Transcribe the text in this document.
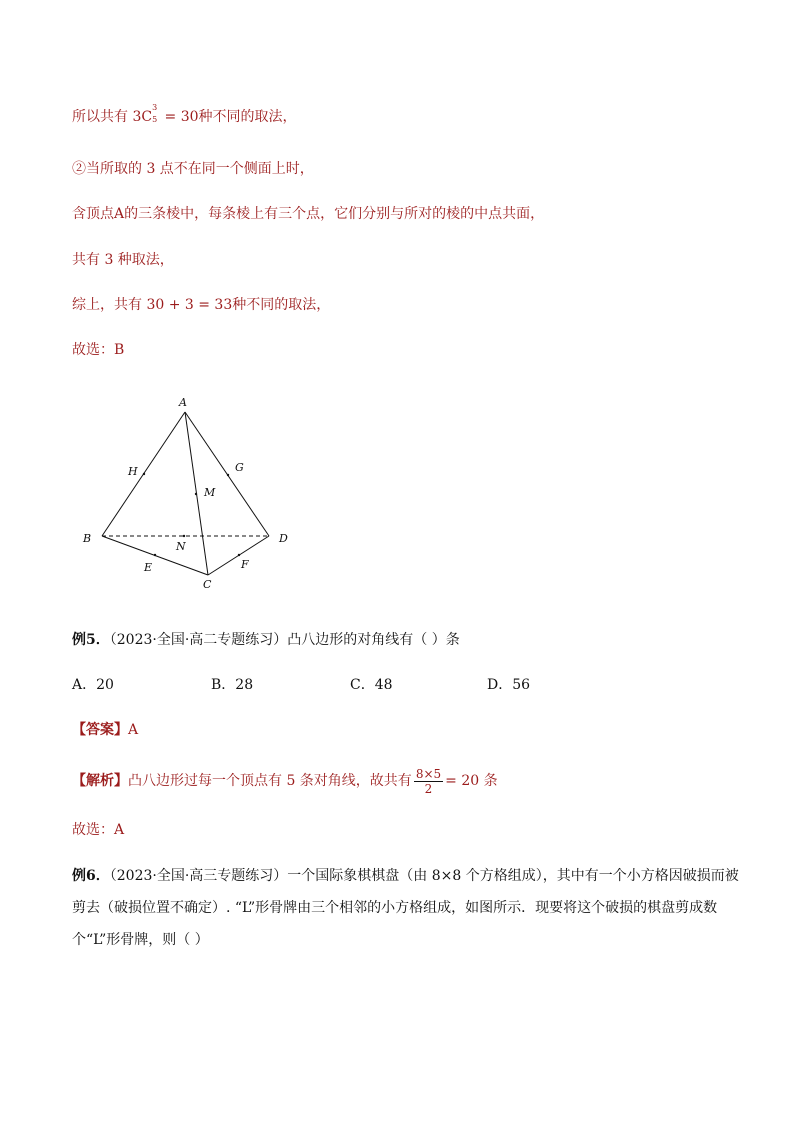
所以共有 3C
3
5 = 30种不同的取法，
②当所取的 3 点不在同一个侧面上时，
含顶点A的三条棱中，每条棱上有三个点，它们分别与所对的棱的中点共面，
共有 3 种取法，
综上，共有 30 + 3 = 33种不同的取法，
故选：B
A
B
C
D
E	F
G
H
M
N
例5．（2023·全国·高二专题练习）凸八边形的对角线有（ ）条
A．20	B．28	C．48	D．56
【答案】A
【解析】凸八边形过每一个顶点有 5 条对角线，故共有 $\frac{8\times 5}{2} = 20$ 条
故选：A
例6．（2023·全国·高三专题练习）一个国际象棋棋盘（由 8×8 个方格组成），其中有一个小方格因破损而被
剪去（破损位置不确定）. “L”形骨牌由三个相邻的小方格组成，如图所示．现要将这个破损的棋盘剪成数
个“L”形骨牌，则（ ）
